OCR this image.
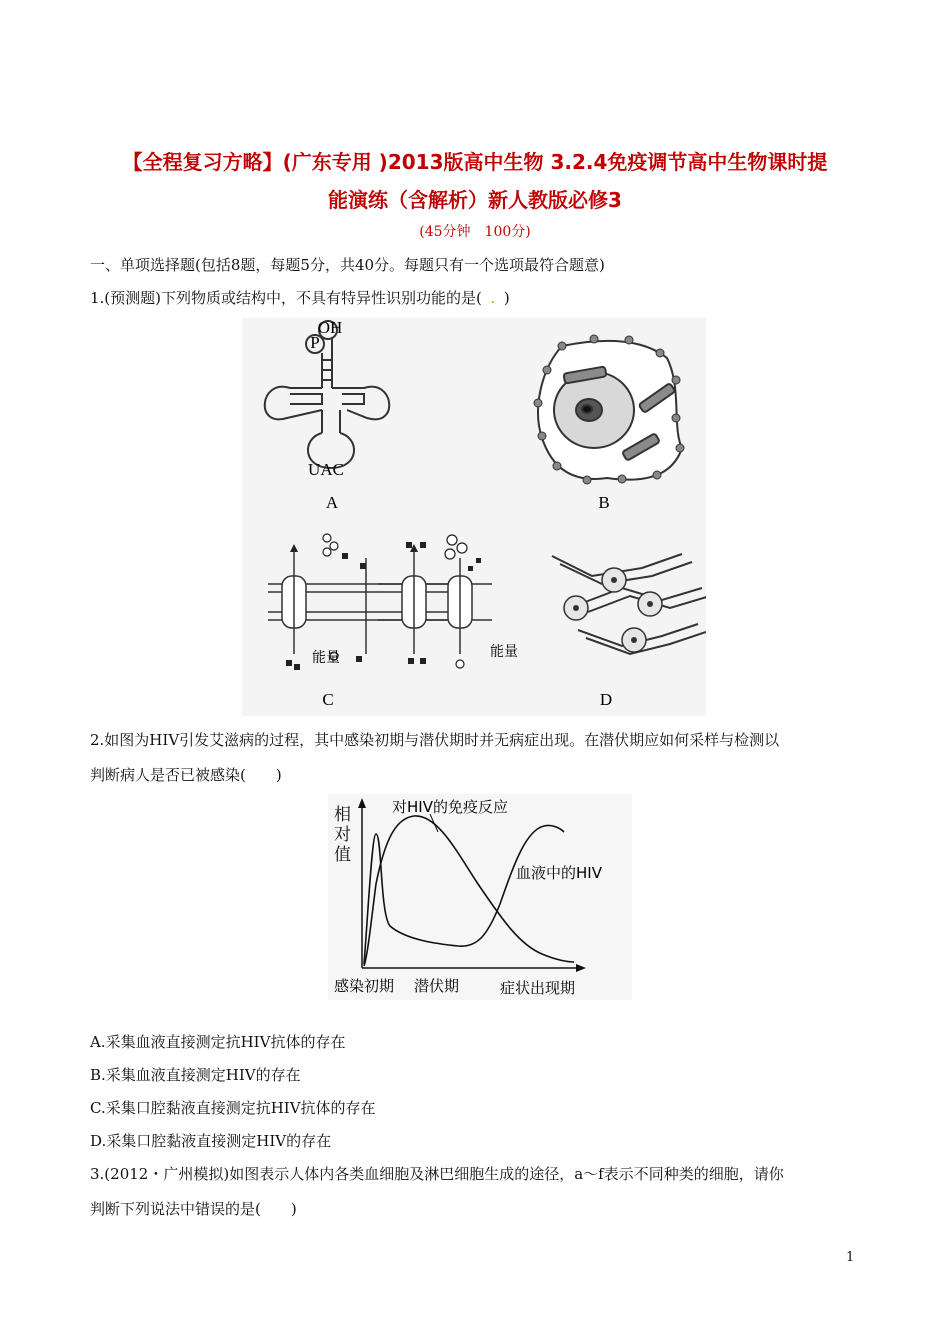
【全程复习方略】(广东专用 )2013版高中生物 3.2.4免疫调节高中生物课时提
能演练（含解析）新人教版必修3
(45分钟　100分)
一、单项选择题(包括8题，每题5分，共40分。每题只有一个选项最符合题意)
1.(预测题)下列物质或结构中，不具有特异性识别功能的是( . )
OH
P
UAC
A	B
能量	能量
C	D
2.如图为HIV引发艾滋病的过程，其中感染初期与潜伏期时并无病症出现。在潜伏期应如何采样与检测以
判断病人是否已被感染(　　)
相
对
值
对HIV的免疫反应
血液中的HIV
感染初期 潜伏期	症状出现期
A.采集血液直接测定抗HIV抗体的存在
B.采集血液直接测定HIV的存在
C.采集口腔黏液直接测定抗HIV抗体的存在
D.采集口腔黏液直接测定HIV的存在
3.(2012・广州模拟)如图表示人体内各类血细胞及淋巴细胞生成的途径，a～f表示不同种类的细胞，请你
判断下列说法中错误的是(　　)
1
